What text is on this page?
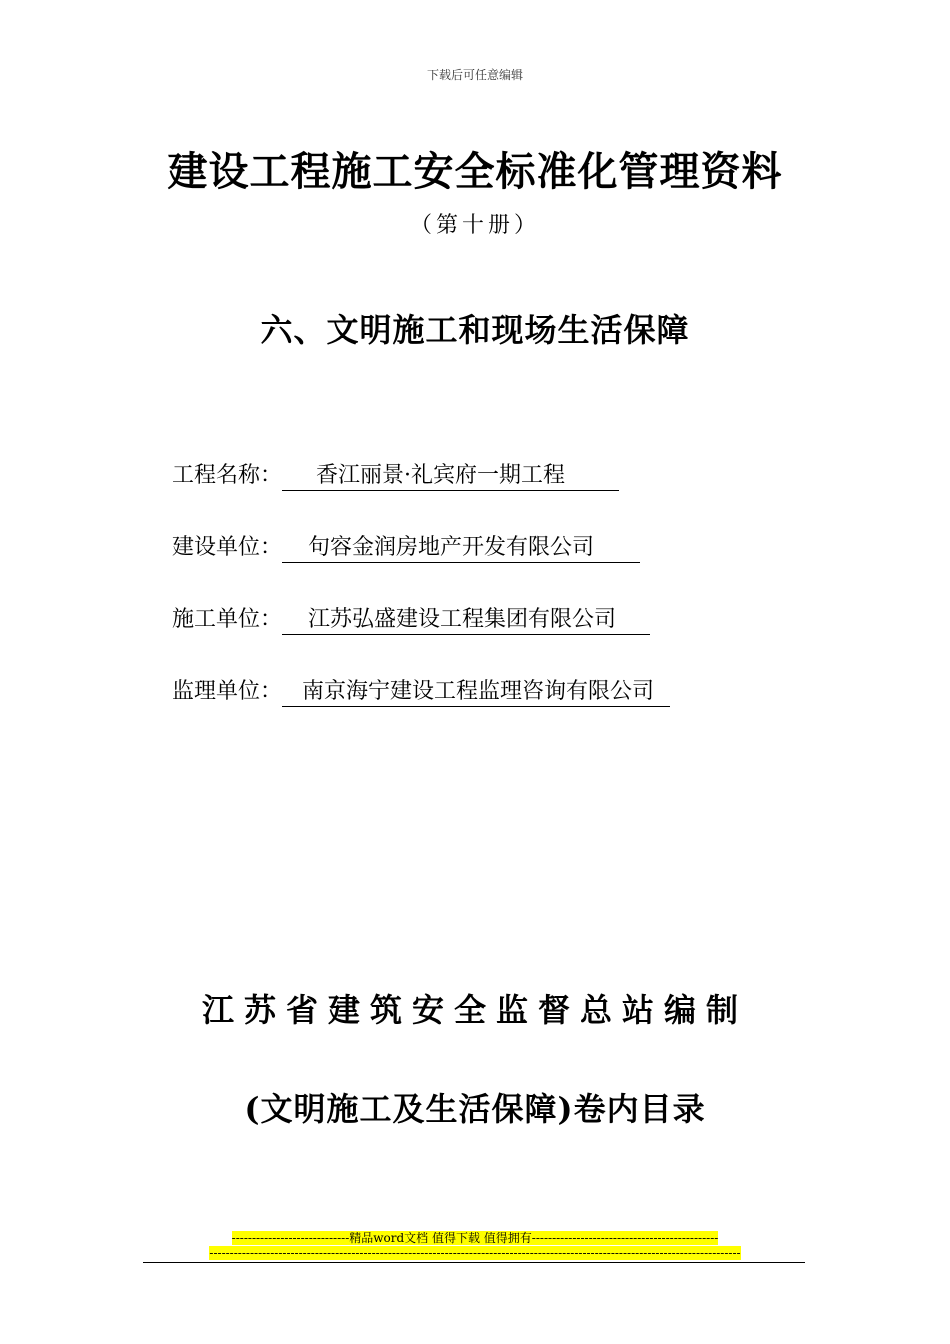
下载后可任意编辑
建设工程施工安全标准化管理资料
（第十册）
六、文明施工和现场生活保障
工程名称： 香江丽景·礼宾府一期工程
建设单位： 句容金润房地产开发有限公司
施工单位： 江苏弘盛建设工程集团有限公司
监理单位： 南京海宁建设工程监理咨询有限公司
江苏省建筑安全监督总站编制
(文明施工及生活保障)卷内目录
-----------------------------精品word文档 值得下载 值得拥有----------------------------------------------
-----------------------------------------------------------------------------------------------------------------------------------
